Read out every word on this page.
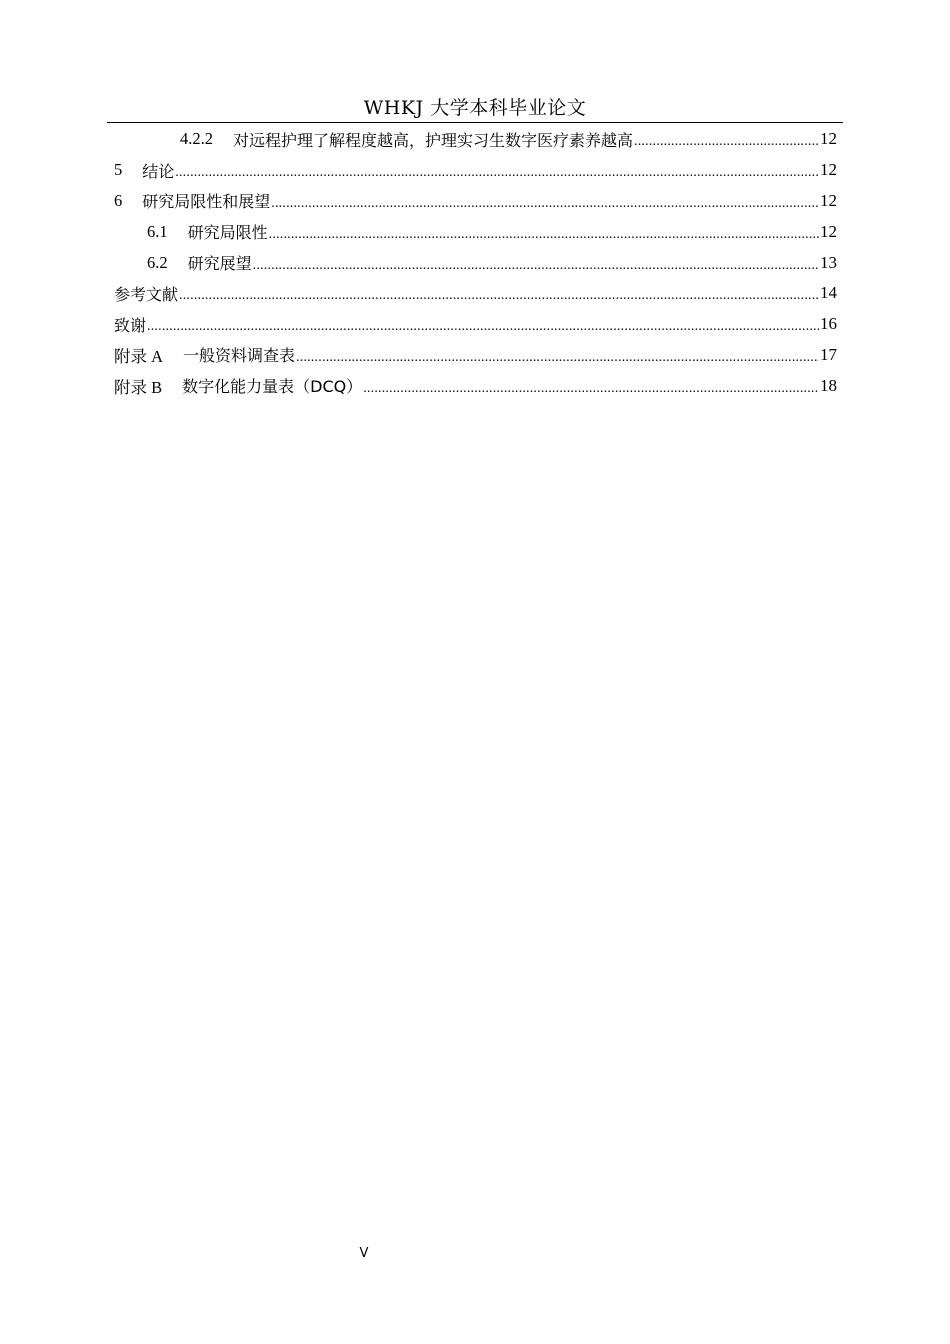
WHKJ 大学本科毕业论文
4.2.2 对远程护理了解程度越高，护理实习生数字医疗素养越高 .....	12
5 结论 .....	12
6 研究局限性和展望 .....	12
6.1 研究局限性 .....	12
6.2 研究展望 .....	13
参考文献 .....	14
致谢 .....	16
附录 A 一般资料调查表 .....	17
附录 B 数字化能力量表（DCQ） .....	18
V
